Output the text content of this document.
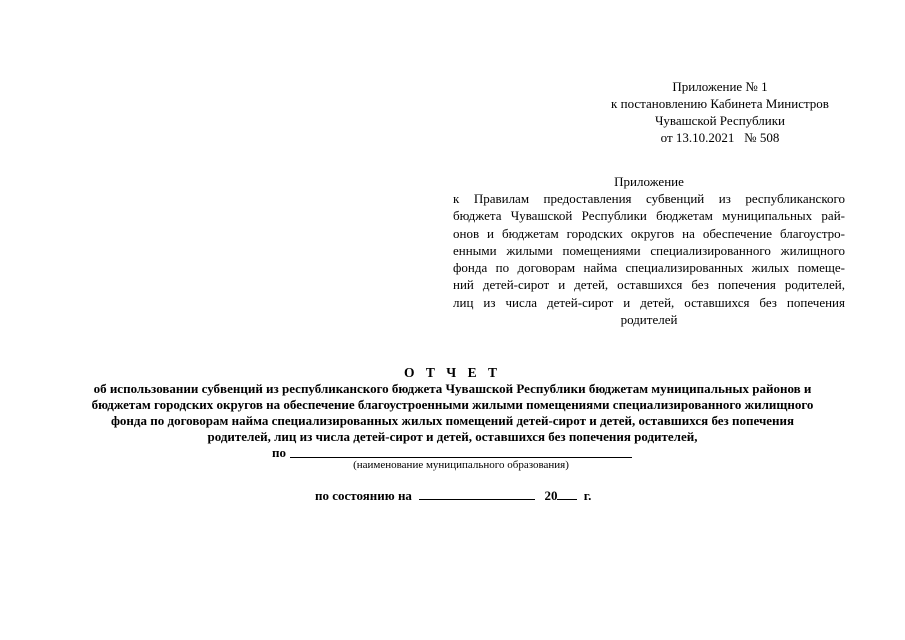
Приложение № 1
к постановлению Кабинета Министров
Чувашской Республики
от 13.10.2021 № 508
Приложение
к Правилам предоставления субвенций из республиканского
бюджета Чувашской Республики бюджетам муниципальных рай-
онов и бюджетам городских округов на обеспечение благоустро-
енными жилыми помещениями специализированного жилищного
фонда по договорам найма специализированных жилых помеще-
ний детей-сирот и детей, оставшихся без попечения родителей,
лиц из числа детей-сирот и детей, оставшихся без попечения
родителей
О Т Ч Е Т
об использовании субвенций из республиканского бюджета Чувашской Республики бюджетам муниципальных районов и
бюджетам городских округов на обеспечение благоустроенными жилыми помещениями специализированного жилищного
фонда по договорам найма специализированных жилых помещений детей-сирот и детей, оставшихся без попечения
родителей, лиц из числа детей-сирот и детей, оставшихся без попечения родителей,
по
(наименование муниципального образования)
по состоянию на	20 г.
